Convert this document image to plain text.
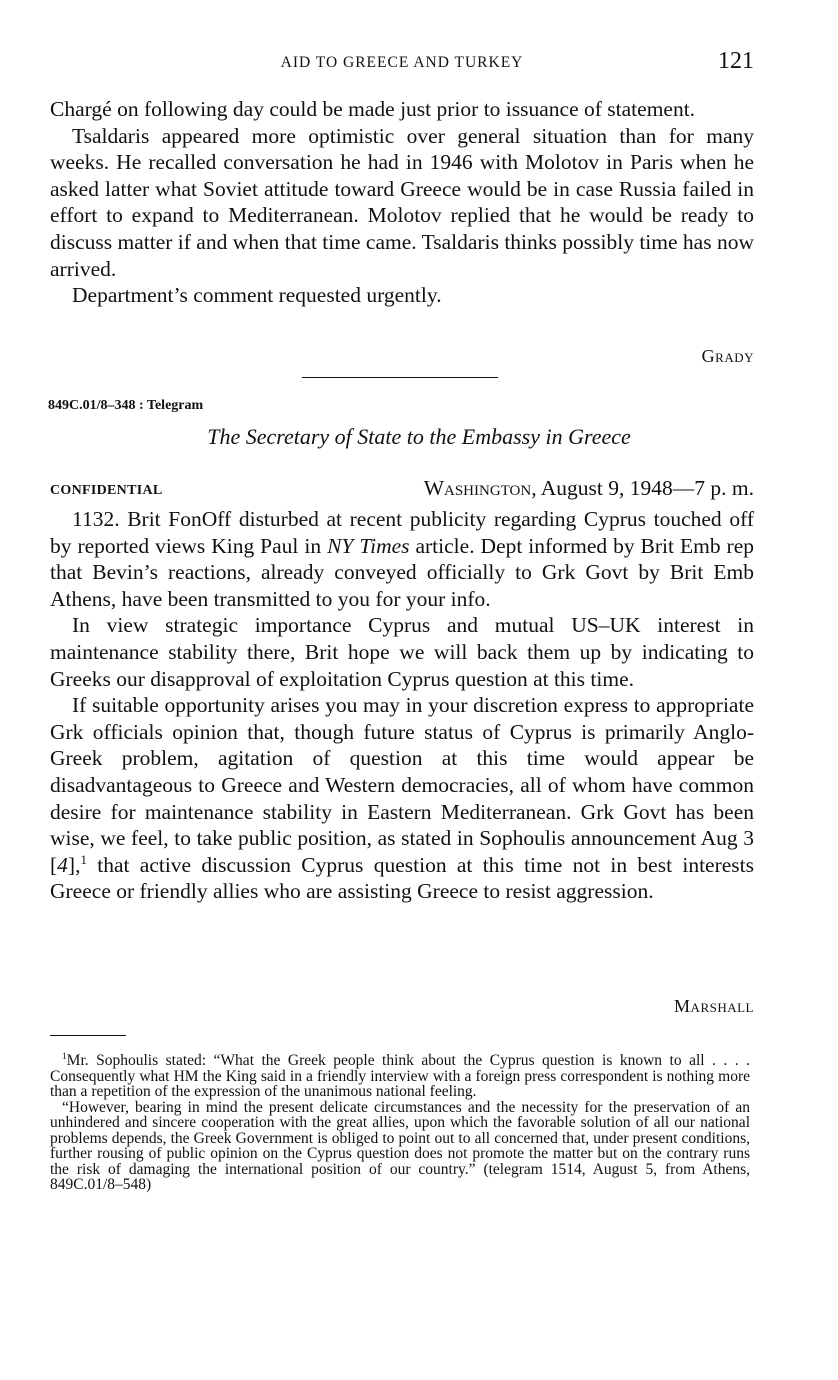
AID TO GREECE AND TURKEY	121

Chargé on following day could be made just prior to issuance of statement.

Tsaldaris appeared more optimistic over general situation than for many weeks. He recalled conversation he had in 1946 with Molotov in Paris when he asked latter what Soviet attitude toward Greece would be in case Russia failed in effort to expand to Mediterranean. Molotov replied that he would be ready to discuss matter if and when that time came. Tsaldaris thinks possibly time has now arrived.

Department’s comment requested urgently.

Grady
849C.01/8–348 : Telegram
The Secretary of State to the Embassy in Greece
CONFIDENTIAL	Washington, August 9, 1948—7 p. m.

1132. Brit FonOff disturbed at recent publicity regarding Cyprus touched off by reported views King Paul in NY Times article. Dept informed by Brit Emb rep that Bevin’s reactions, already conveyed officially to Grk Govt by Brit Emb Athens, have been transmitted to you for your info.

In view strategic importance Cyprus and mutual US–UK interest in maintenance stability there, Brit hope we will back them up by indicating to Greeks our disapproval of exploitation Cyprus question at this time.

If suitable opportunity arises you may in your discretion express to appropriate Grk officials opinion that, though future status of Cyprus is primarily Anglo-Greek problem, agitation of question at this time would appear be disadvantageous to Greece and Western democracies, all of whom have common desire for maintenance stability in Eastern Mediterranean. Grk Govt has been wise, we feel, to take public position, as stated in Sophoulis announcement Aug 3 [4],$^1$ that active discussion Cyprus question at this time not in best interests Greece or friendly allies who are assisting Greece to resist aggression.

Marshall

$^1$Mr. Sophoulis stated: “What the Greek people think about the Cyprus question is known to all . . . . Consequently what HM the King said in a friendly interview with a foreign press correspondent is nothing more than a repetition of the expression of the unanimous national feeling.

“However, bearing in mind the present delicate circumstances and the necessity for the preservation of an unhindered and sincere cooperation with the great allies, upon which the favorable solution of all our national problems depends, the Greek Government is obliged to point out to all concerned that, under present conditions, further rousing of public opinion on the Cyprus question does not promote the matter but on the contrary runs the risk of damaging the international position of our country.” (telegram 1514, August 5, from Athens, 849C.01/8–548)
